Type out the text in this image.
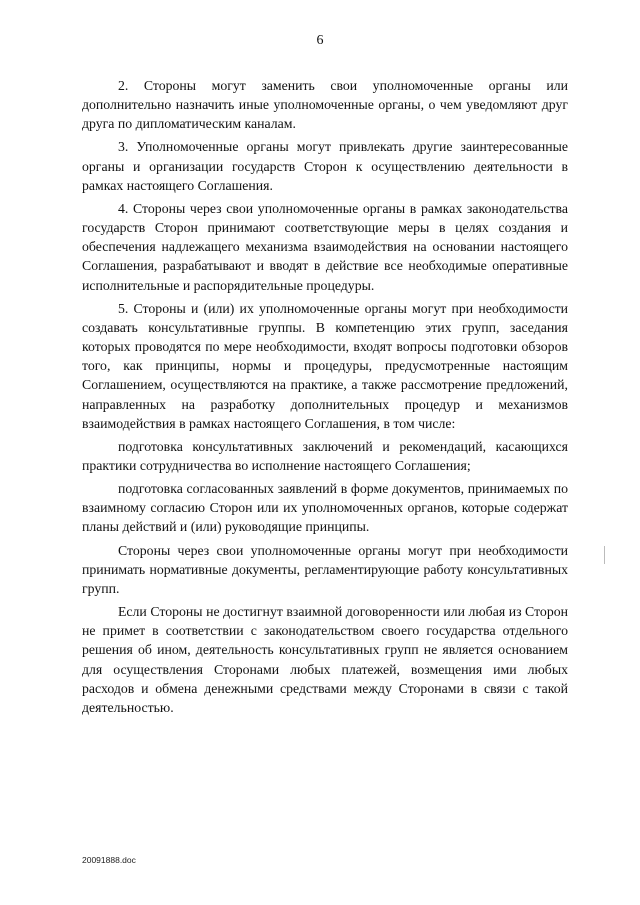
6

2. Стороны могут заменить свои уполномоченные органы или дополнительно назначить иные уполномоченные органы, о чем уведомляют друг друга по дипломатическим каналам.

3. Уполномоченные органы могут привлекать другие заинтересованные органы и организации государств Сторон к осуществлению деятельности в рамках настоящего Соглашения.

4. Стороны через свои уполномоченные органы в рамках законодательства государств Сторон принимают соответствующие меры в целях создания и обеспечения надлежащего механизма взаимодействия на основании настоящего Соглашения, разрабатывают и вводят в действие все необходимые оперативные исполнительные и распорядительные процедуры.

5. Стороны и (или) их уполномоченные органы могут при необходимости создавать консультативные группы. В компетенцию этих групп, заседания которых проводятся по мере необходимости, входят вопросы подготовки обзоров того, как принципы, нормы и процедуры, предусмотренные настоящим Соглашением, осуществляются на практике, а также рассмотрение предложений, направленных на разработку дополнительных процедур и механизмов взаимодействия в рамках настоящего Соглашения, в том числе:

подготовка консультативных заключений и рекомендаций, касающихся практики сотрудничества во исполнение настоящего Соглашения;

подготовка согласованных заявлений в форме документов, принимаемых по взаимному согласию Сторон или их уполномоченных органов, которые содержат планы действий и (или) руководящие принципы.

Стороны через свои уполномоченные органы могут при необходимости принимать нормативные документы, регламентирующие работу консультативных групп.

Если Стороны не достигнут взаимной договоренности или любая из Сторон не примет в соответствии с законодательством своего государства отдельного решения об ином, деятельность консультативных групп не является основанием для осуществления Сторонами любых платежей, возмещения ими любых расходов и обмена денежными средствами между Сторонами в связи с такой деятельностью.

20091888.doc
